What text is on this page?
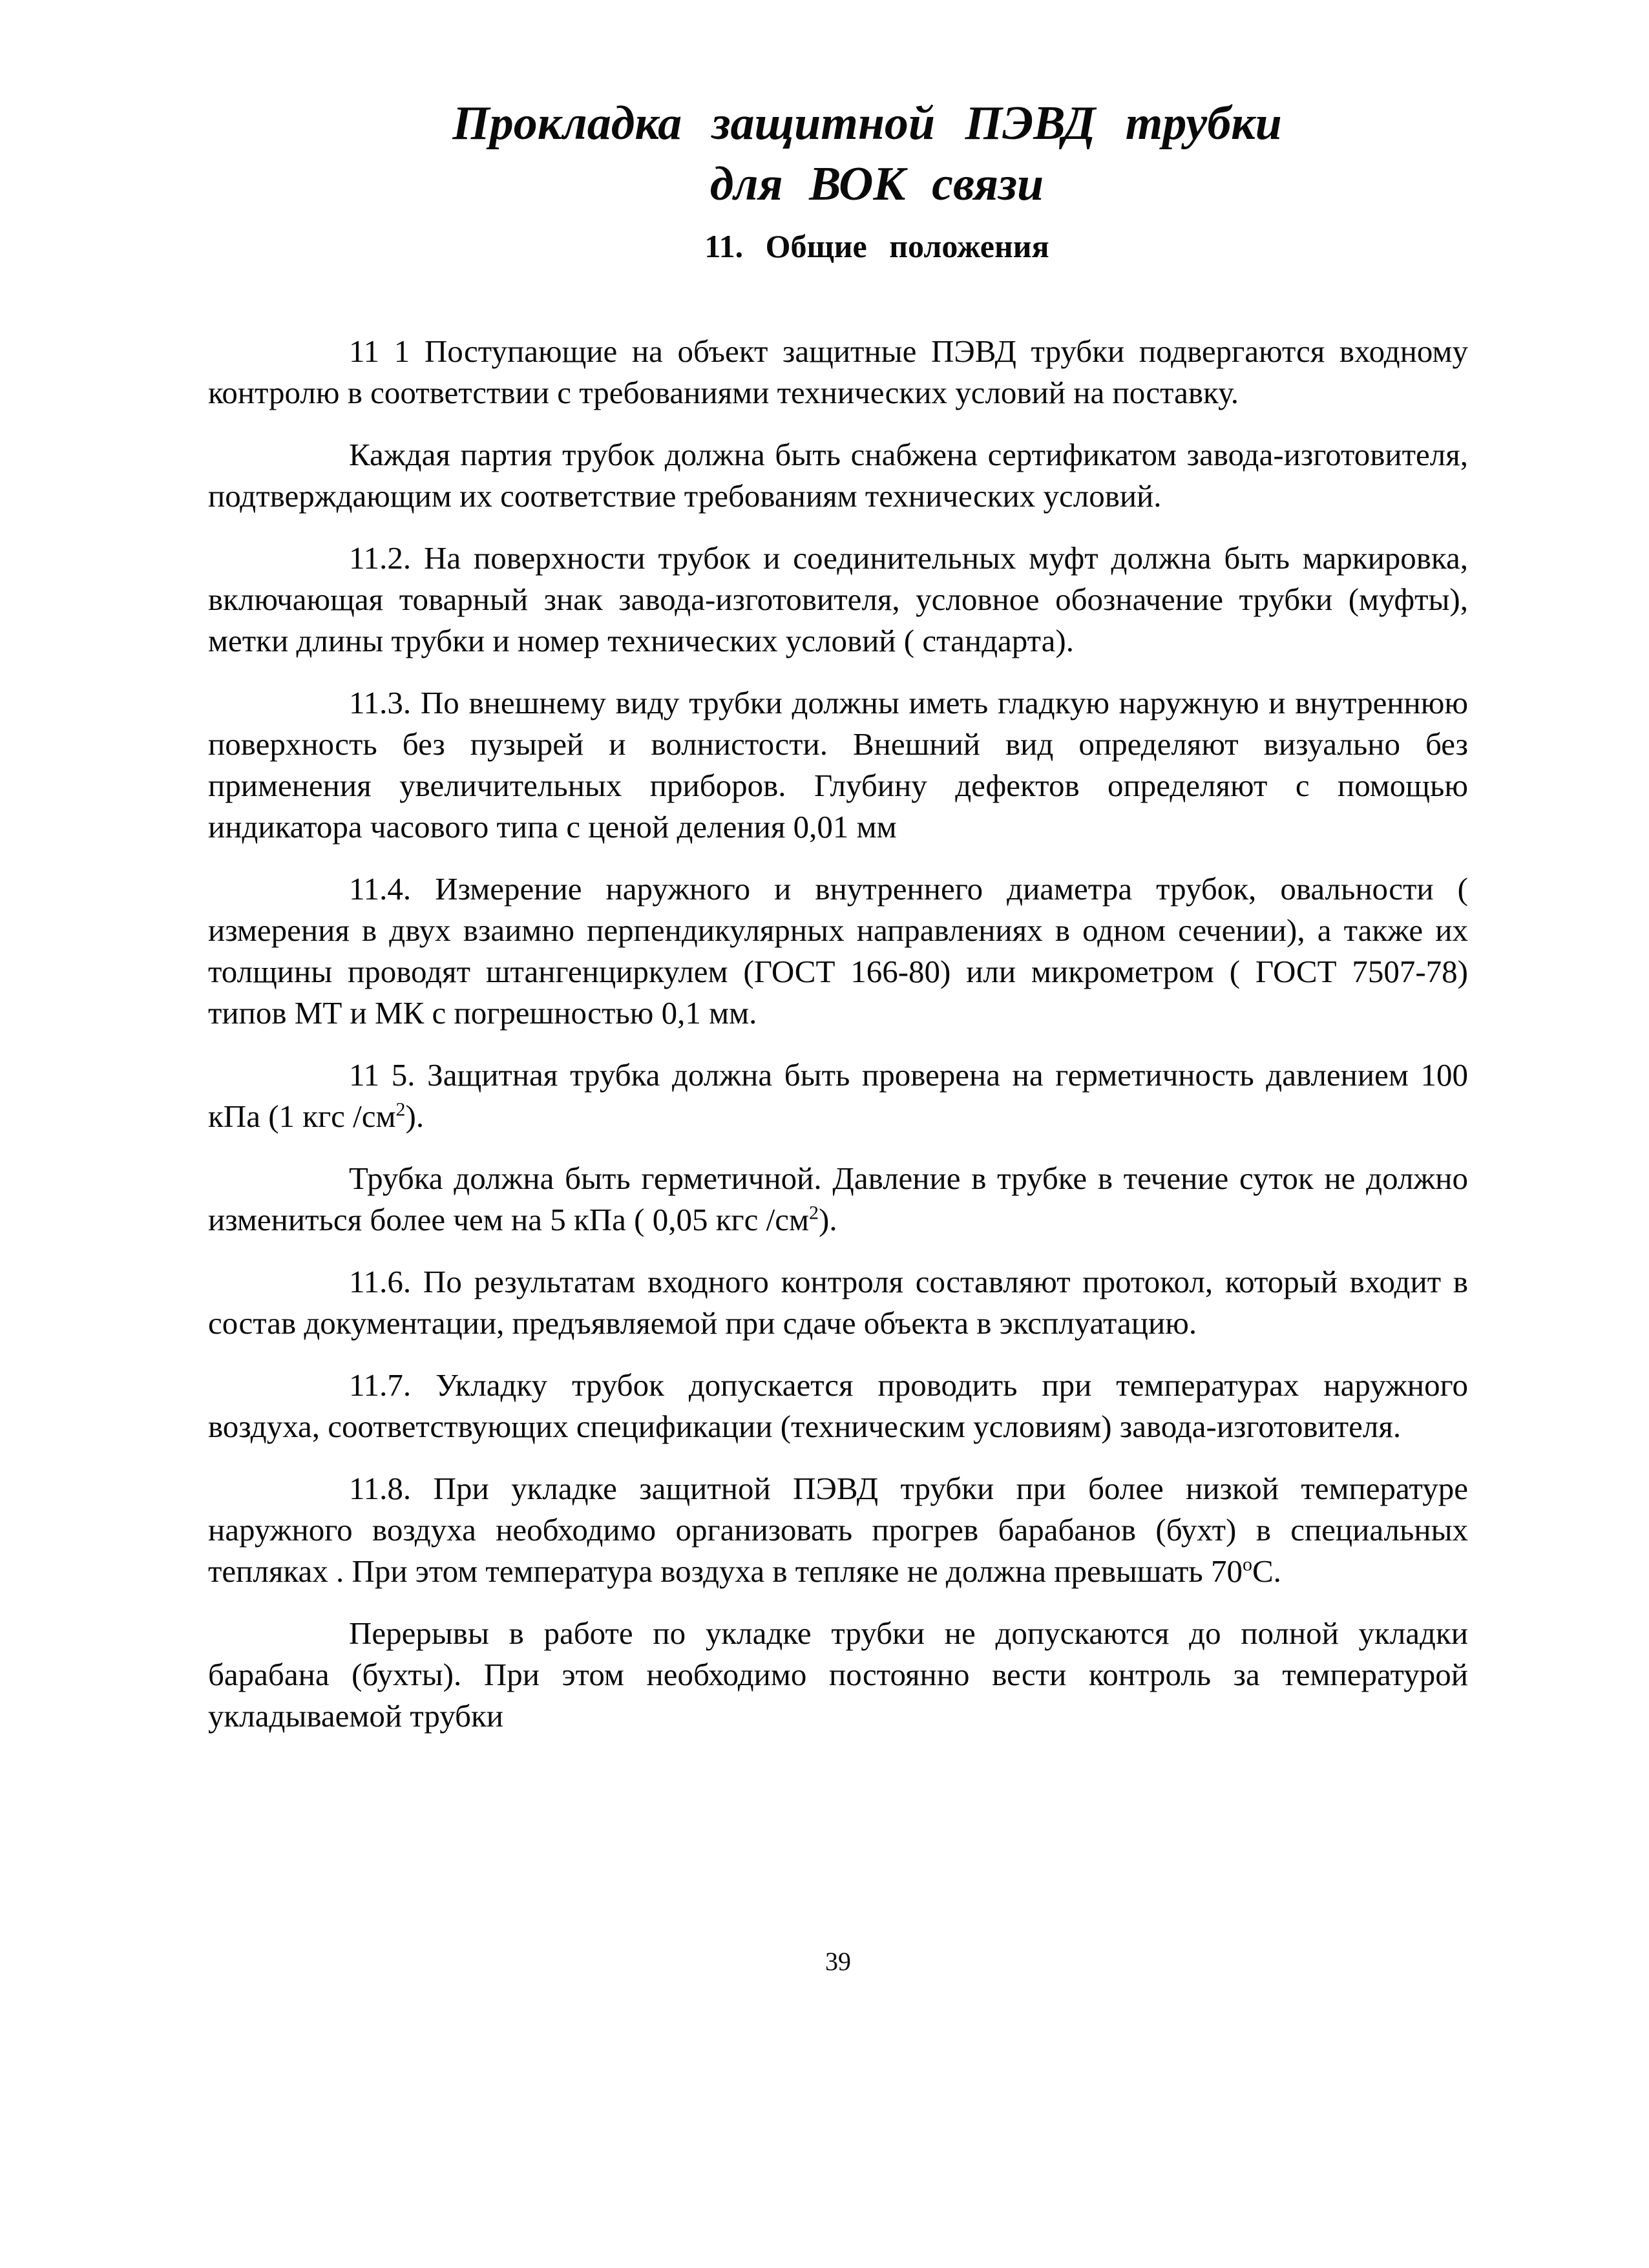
Прокладка защитной ПЭВД трубки
для ВОК связи
11. Общие положения

11 1 Поступающие на объект защитные ПЭВД трубки подвергаются входному контролю в соответствии с требованиями технических условий на поставку.

Каждая партия трубок должна быть снабжена сертификатом завода-изготовителя, подтверждающим их соответствие требованиям технических условий.

11.2. На поверхности трубок и соединительных муфт должна быть маркировка, включающая товарный знак завода-изготовителя, условное обозначение трубки (муфты), метки длины трубки и номер технических условий ( стандарта).

11.3. По внешнему виду трубки должны иметь гладкую наружную и внутреннюю поверхность без пузырей и волнистости. Внешний вид определяют визуально без применения увеличительных приборов. Глубину дефектов определяют с помощью индикатора часового типа с ценой деления 0,01 мм

11.4. Измерение наружного и внутреннего диаметра трубок, овальности ( измерения в двух взаимно перпендикулярных направлениях в одном сечении), а также их толщины проводят штангенциркулем (ГОСТ 166-80) или микрометром ( ГОСТ 7507-78) типов МТ и МК с погрешностью 0,1 мм.

11 5. Защитная трубка должна быть проверена на герметичность давлением 100 кПа (1 кгс $/см^2$).

Трубка должна быть герметичной. Давление в трубке в течение суток не должно измениться более чем на 5 кПа ( 0,05 кгс $/см^2$).

11.6. По результатам входного контроля составляют протокол, который входит в состав документации, предъявляемой при сдаче объекта в эксплуатацию.

11.7. Укладку трубок допускается проводить при температурах наружного воздуха, соответствующих спецификации (техническим условиям) завода-изготовителя.

11.8. При укладке защитной ПЭВД трубки при более низкой температуре наружного воздуха необходимо организовать прогрев барабанов (бухт) в специальных тепляках . При этом температура воздуха в тепляке не должна превышать $70^оС$.

Перерывы в работе по укладке трубки не допускаются до полной укладки барабана (бухты). При этом необходимо постоянно вести контроль за температурой укладываемой трубки

39
